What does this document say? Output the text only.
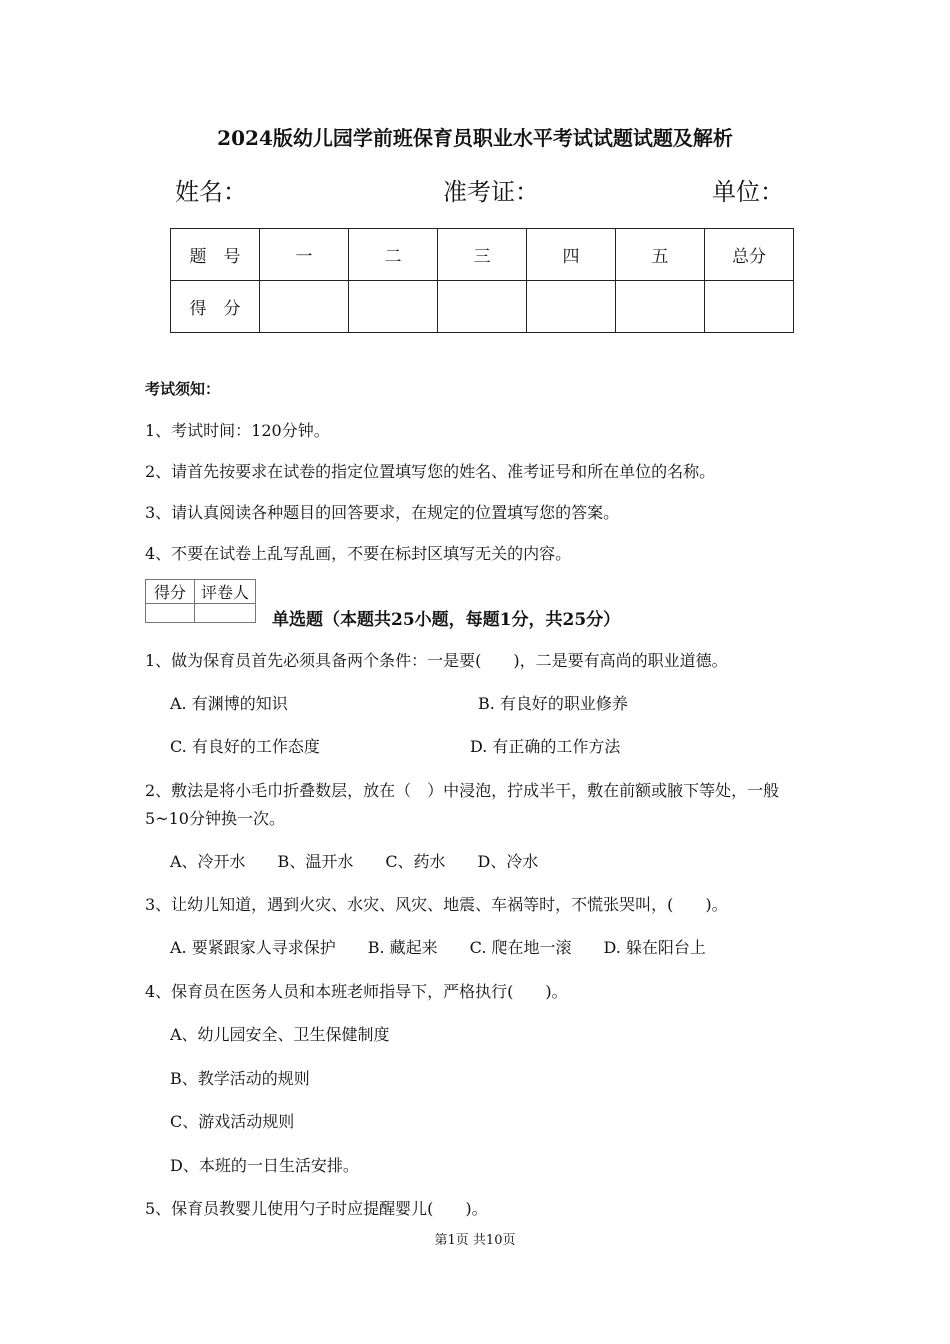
2024版幼儿园学前班保育员职业水平考试试题试题及解析
姓名：	准考证：	单位：
题　号	一	二	三	四	五	总分
得　分						
考试须知：
1、考试时间：120分钟。
2、请首先按要求在试卷的指定位置填写您的姓名、准考证号和所在单位的名称。
3、请认真阅读各种题目的回答要求，在规定的位置填写您的答案。
4、不要在试卷上乱写乱画，不要在标封区填写无关的内容。
得分	评卷人

单选题（本题共25小题，每题1分，共25分）
1、做为保育员首先必须具备两个条件：一是要(　　)，二是要有高尚的职业道德。
A. 有渊博的知识	B. 有良好的职业修养
C. 有良好的工作态度	D. 有正确的工作方法
2、敷法是将小毛巾折叠数层，放在（　）中浸泡，拧成半干，敷在前额或腋下等处，一般
5~10分钟换一次。
A、冷开水　　B、温开水　　C、药水　　D、冷水
3、让幼儿知道，遇到火灾、水灾、风灾、地震、车祸等时，不慌张哭叫，(　　)。
A. 要紧跟家人寻求保护　　B. 藏起来　　C. 爬在地一滚　　D. 躲在阳台上
4、保育员在医务人员和本班老师指导下，严格执行(　　)。
A、幼儿园安全、卫生保健制度
B、教学活动的规则
C、游戏活动规则
D、本班的一日生活安排。
5、保育员教婴儿使用勺子时应提醒婴儿(　　)。
第1页 共10页
